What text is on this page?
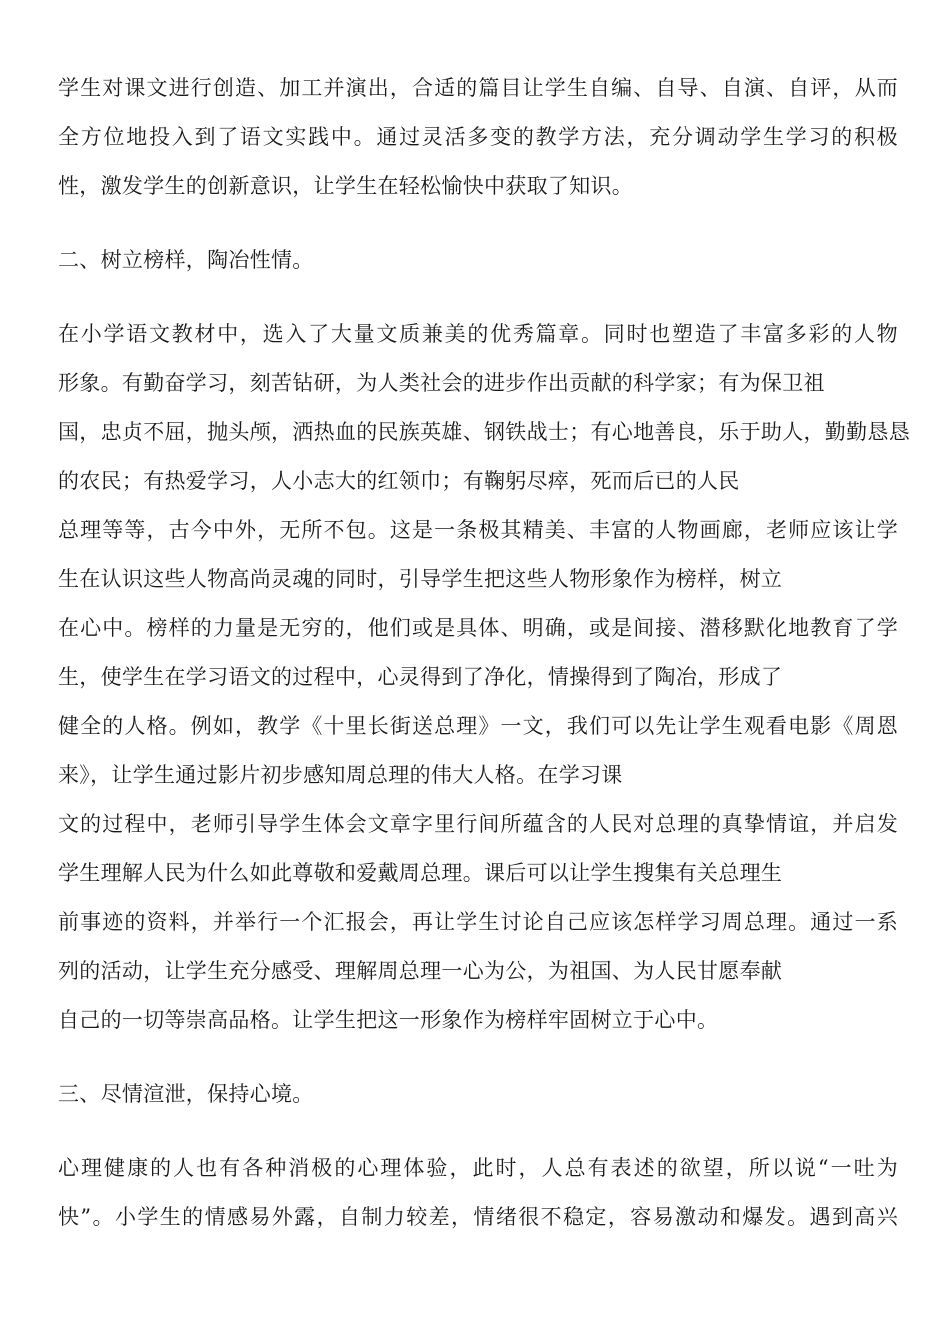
学生对课文进行创造、加工并演出，合适的篇目让学生自编、自导、自演、自评，从而
全方位地投入到了语文实践中。通过灵活多变的教学方法，充分调动学生学习的积极
性，激发学生的创新意识，让学生在轻松愉快中获取了知识。
二、树立榜样，陶冶性情。
在小学语文教材中，选入了大量文质兼美的优秀篇章。同时也塑造了丰富多彩的人物
形象。有勤奋学习，刻苦钻研，为人类社会的进步作出贡献的科学家；有为保卫祖
国，忠贞不屈，抛头颅，洒热血的民族英雄、钢铁战士；有心地善良，乐于助人，勤勤恳恳
的农民；有热爱学习，人小志大的红领巾；有鞠躬尽瘁，死而后已的人民
总理等等，古今中外，无所不包。这是一条极其精美、丰富的人物画廊，老师应该让学
生在认识这些人物高尚灵魂的同时，引导学生把这些人物形象作为榜样，树立
在心中。榜样的力量是无穷的，他们或是具体、明确，或是间接、潜移默化地教育了学
生，使学生在学习语文的过程中，心灵得到了净化，情操得到了陶冶，形成了
健全的人格。例如，教学《十里长街送总理》一文，我们可以先让学生观看电影《周恩
来》，让学生通过影片初步感知周总理的伟大人格。在学习课
文的过程中，老师引导学生体会文章字里行间所蕴含的人民对总理的真挚情谊，并启发
学生理解人民为什么如此尊敬和爱戴周总理。课后可以让学生搜集有关总理生
前事迹的资料，并举行一个汇报会，再让学生讨论自己应该怎样学习周总理。通过一系
列的活动，让学生充分感受、理解周总理一心为公，为祖国、为人民甘愿奉献
自己的一切等崇高品格。让学生把这一形象作为榜样牢固树立于心中。
三、尽情渲泄，保持心境。
心理健康的人也有各种消极的心理体验，此时，人总有表述的欲望，所以说“一吐为
快”。小学生的情感易外露，自制力较差，情绪很不稳定，容易激动和爆发。遇到高兴
